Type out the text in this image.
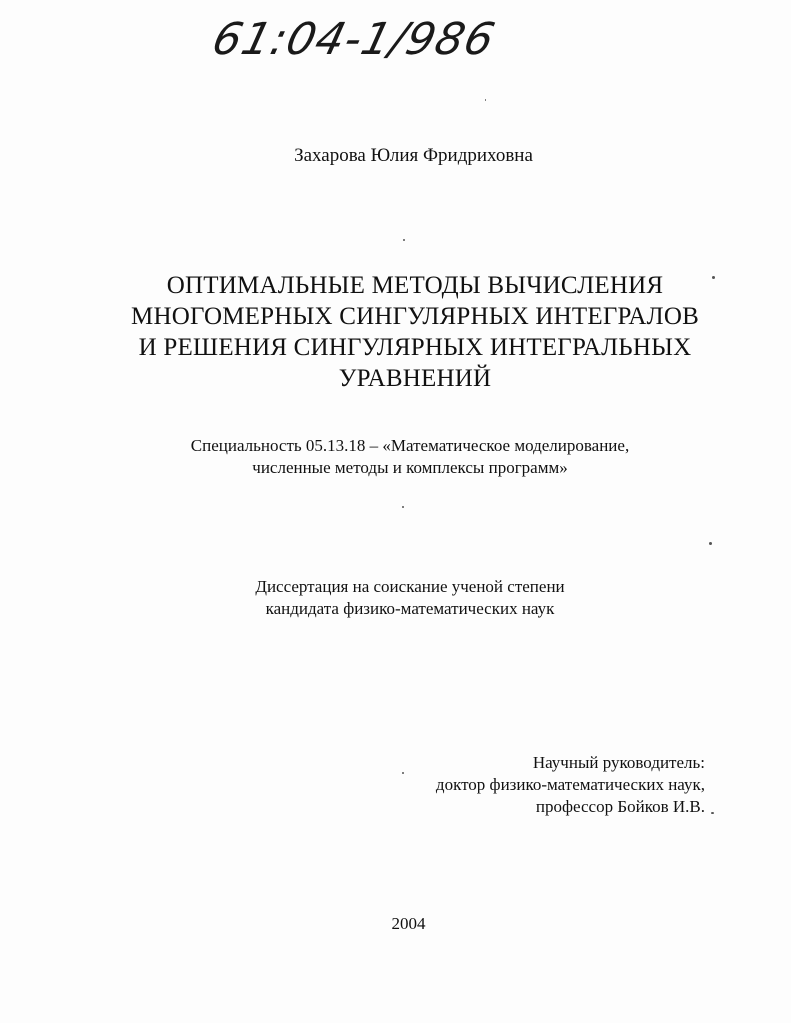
61:04-1/986
Захарова Юлия Фридриховна
ОПТИМАЛЬНЫЕ МЕТОДЫ ВЫЧИСЛЕНИЯ
МНОГОМЕРНЫХ СИНГУЛЯРНЫХ ИНТЕГРАЛОВ
И РЕШЕНИЯ СИНГУЛЯРНЫХ ИНТЕГРАЛЬНЫХ
УРАВНЕНИЙ
Специальность 05.13.18 – «Математическое моделирование,
численные методы и комплексы программ»
Диссертация на соискание ученой степени
кандидата физико-математических наук
Научный руководитель:
доктор физико-математических наук,
профессор Бойков И.В.
2004
